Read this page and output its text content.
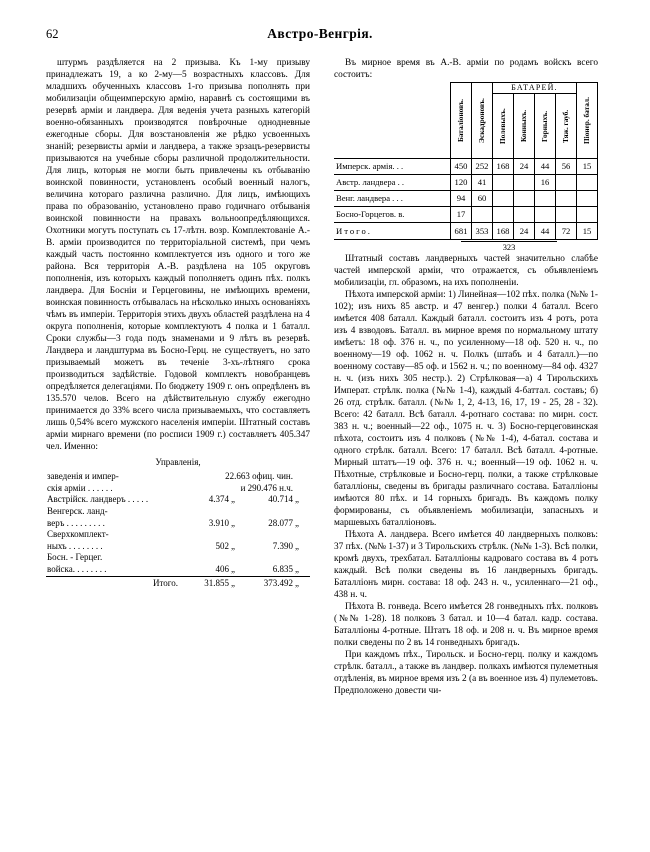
62	Австро-Венгрія.

штурмъ раздѣляется на 2 призыва. Къ 1-му призыву принадлежатъ 19, а ко 2-му—5 возрастныхъ классовъ. Для младшихъ обученныхъ классовъ 1-го призыва пополнять при мобилизаціи общеимперскую армію, наравнѣ съ состоящими въ резервѣ арміи и ландвера. Для веденія учета разныхъ категорій военно-обязанныхъ производятся повѣрочные однодневные ежегодные сборы. Для возстановленія же рѣдко усвоенныхъ знаній; резервисты арміи и ландвера, а также эрзацъ-резервисты призываются на учебные сборы различной продолжительности. Для лицъ, которыя не могли быть привлечены къ отбыванію воинской повинности, установленъ особый военный налогъ, величина котораго различна различно. Для лицъ, имѣющихъ права по образованію, установлено право годичнаго отбыванія воинской повинности на правахъ вольноопредѣляющихся. Охотники могутъ поступать съ 17-лѣтн. возр. Комплектованіе А.-В. арміи производится по территоріальной системѣ, при чемъ каждый часть постоянно комплектуется изъ одного и того же района. Вся территорія А.-В. раздѣлена на 105 округовъ пополненія, изъ которыхъ каждый пополняетъ одинъ пѣх. полкъ ландвера. Для Босніи и Герцеговины, не имѣющихъ времени, воинская повинность отбывалась на нѣсколько иныхъ основаніяхъ чѣмъ въ имперіи. Территорія этихъ двухъ областей раздѣлена на 4 округа пополненія, которые комплектуютъ 4 полка и 1 баталл. Сроки службы—3 года подъ знаменами и 9 лѣтъ въ резервѣ. Ландвера и ландштурма въ Босно-Герц. не существуетъ, но зато призываемый можетъ въ теченіе 3-хъ-лѣтняго срока производиться задѣйствіе. Годовой комплектъ новобранцевъ опредѣляется делегаціями. По бюджету 1909 г. онъ опредѣленъ въ 135.570 челов. Всего на дѣйствительную службу ежегодно принимается до 33% всего числа призываемыхъ, что составляетъ лишь 0,54% всего мужского населенія имперіи. Штатный составъ арміи мирнаго времени (по росписи 1909 г.) составляетъ 405.347 чел. Именно:

Управленія,

заведенія и импер-	22.663 офиц. чин.			
скія арміи . . . . . .	и 290.476 н.ч.			
Австрійск. ландверъ . . . . .	4.374	„	40.714	„
Венгерск. ланд-				
веръ . . . . . . . . .	3.910	„	28.077	„
Сверхкомплект-				
ныхъ . . . . . . . .	502	„	7.390	„
Босн. - Герцег.				
войска. . . . . . . .	406	„	6.835	„
Итого.	31.855	„	373.492	„

Въ мирное время въ А.-В. арміи по родамъ войскъ всего состоитъ:

	Баталіоновъ.	Эскадроновъ.	БАТАРЕЙ.				Піонер. батал.

			Полевыхъ.	Конныхъ.	Горныхъ.	Тяж. гауб.	

Имперск. армія. . .	450	252	168	24	44	56	15
Австр. ландвера . .	120	41			16		
Венг. ландвера . . .	94	60					
Босно-Горцегов. в.	17						
Итого.	681	353	168	24	44	72	15
323

Штатный составъ ландверныхъ частей значительно слабѣе частей имперской арміи, что отражается, съ объявленіемъ мобилизаціи, гл. образомъ, на ихъ пополненіи.

Пѣхота имперской арміи: 1) Линейная—102 пѣх. полка (№№ 1-102); изъ нихъ 85 австр. и 47 венгер.) полки 4 баталл. Всего имѣется 408 баталл. Каждый баталл. состоитъ изъ 4 ротъ, рота изъ 4 взводовъ. Баталл. въ мирное время по нормальному штату имѣетъ: 18 оф. 376 н. ч., по усиленному—18 оф. 520 н. ч., по военному—19 оф. 1062 н. ч. Полкъ (штабъ и 4 баталл.)—по военному составу—85 оф. и 1562 н. ч.; по военному—84 оф. 4327 н. ч. (изъ нихъ 305 нестр.). 2) Стрѣлковая—а) 4 Тирольскихъ Императ. стрѣлк. полка (№№ 1-4), каждый 4-баттал. составъ; б) 26 отд. стрѣлк. баталл. (№№ 1, 2, 4-13, 16, 17, 19 - 25, 28 - 32). Всего: 42 баталл. Всѣ баталл. 4-ротнаго состава: по мирн. сост. 383 н. ч.; военный—22 оф., 1075 н. ч. 3) Босно-герцеговинская пѣхота, состоитъ изъ 4 полковъ (№№ 1-4), 4-батал. состава и одного стрѣлк. баталл. Всего: 17 баталл. Всѣ баталл. 4-ротные. Мирный штатъ—19 оф. 376 н. ч.; военный—19 оф. 1062 н. ч. Пѣхотные, стрѣлковые и Босно-герц. полки, а также стрѣлковые баталліоны, сведены въ бригады различнаго состава. Баталліоны имѣются 80 пѣх. и 14 горныхъ бригадъ. Въ каждомъ полку формированы, съ объявленіемъ мобилизаціи, запасныхъ и маршевыхъ баталліоновъ.

Пѣхота А. ландвера. Всего имѣется 40 ландверныхъ полковъ: 37 пѣх. (№№ 1-37) и 3 Тирольскихъ стрѣлк. (№№ 1-3). Всѣ полки, кромѣ двухъ, трехбатал. Баталліоны кадроваго состава въ 4 ротъ каждый. Всѣ полки сведены въ 16 ландверныхъ бригадъ. Баталліонъ мирн. состава: 18 оф. 243 н. ч., усиленнаго—21 оф., 438 н. ч.

Пѣхота В. гонведа. Всего имѣется 28 гонведныхъ пѣх. полковъ (№№ 1-28). 18 полковъ 3 батал. и 10—4 батал. кадр. состава. Баталліоны 4-ротные. Штатъ 18 оф. и 208 н. ч. Въ мирное время полки сведены по 2 въ 14 гонведныхъ бригадъ.

При каждомъ пѣх., Тирольск. и Босно-герц. полку и каждомъ стрѣлк. баталл., а также въ ландвер. полкахъ имѣются пулеметныя отдѣленія, въ мирное время изъ 2 (а въ военное изъ 4) пулеметовъ. Предположено довести чи-
